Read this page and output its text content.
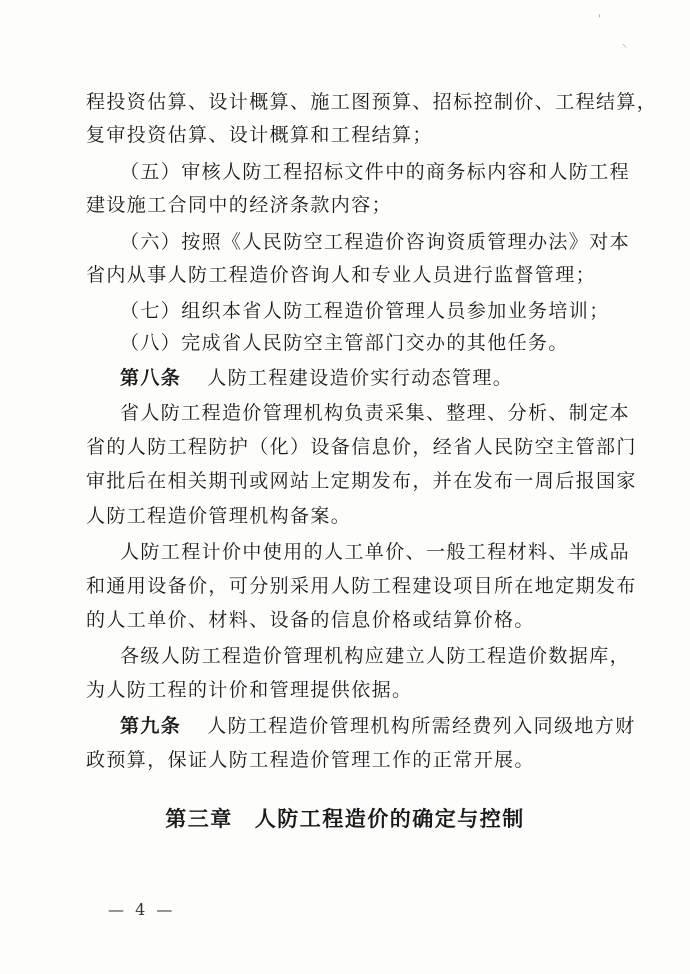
'
⸌
程投资估算、设计概算、施工图预算、招标控制价、工程结算，
复审投资估算、设计概算和工程结算；
（五）审核人防工程招标文件中的商务标内容和人防工程
建设施工合同中的经济条款内容；
（六）按照《人民防空工程造价咨询资质管理办法》对本
省内从事人防工程造价咨询人和专业人员进行监督管理；
（七）组织本省人防工程造价管理人员参加业务培训；
（八）完成省人民防空主管部门交办的其他任务。
第八条 人防工程建设造价实行动态管理。
省人防工程造价管理机构负责采集、整理、分析、制定本
省的人防工程防护（化）设备信息价，经省人民防空主管部门
审批后在相关期刊或网站上定期发布，并在发布一周后报国家
人防工程造价管理机构备案。
人防工程计价中使用的人工单价、一般工程材料、半成品
和通用设备价，可分别采用人防工程建设项目所在地定期发布
的人工单价、材料、设备的信息价格或结算价格。
各级人防工程造价管理机构应建立人防工程造价数据库，
为人防工程的计价和管理提供依据。
第九条 人防工程造价管理机构所需经费列入同级地方财
政预算，保证人防工程造价管理工作的正常开展。
第三章 人防工程造价的确定与控制
— 4 —
